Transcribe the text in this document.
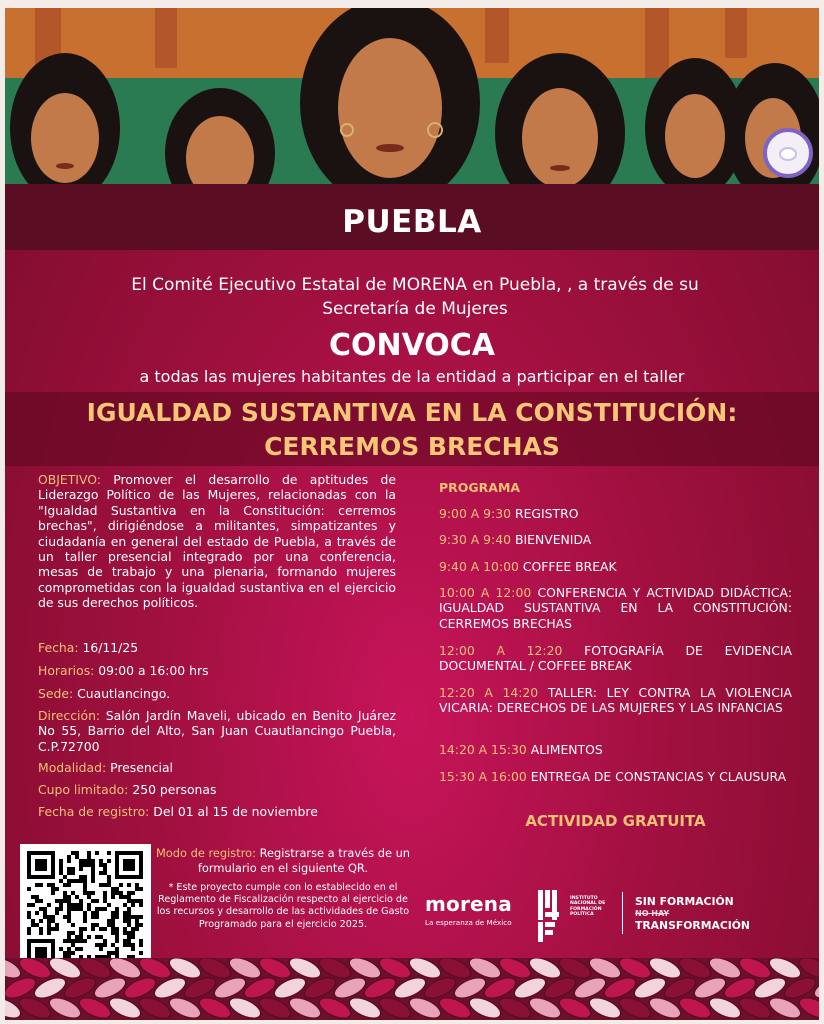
PUEBLA
El Comité Ejecutivo Estatal de MORENA en Puebla, , a través de su
Secretaría de Mujeres
CONVOCA
a todas las mujeres habitantes de la entidad a participar en el taller
IGUALDAD SUSTANTIVA EN LA CONSTITUCIÓN:
CERREMOS BRECHAS

OBJETIVO: Promover el desarrollo de aptitudes de Liderazgo Político de las Mujeres, relacionadas con la "Igualdad Sustantiva en la Constitución: cerremos brechas", dirigiéndose a militantes, simpatizantes y ciudadanía en general del estado de Puebla, a través de un taller presencial integrado por una conferencia, mesas de trabajo y una plenaria, formando mujeres comprometidas con la igualdad sustantiva en el ejercicio de sus derechos políticos.

Fecha: 16/11/25
Horarios: 09:00 a 16:00 hrs
Sede: Cuautlancingo.
Dirección: Salón Jardín Maveli, ubicado en Benito Juárez No 55, Barrio del Alto, San Juan Cuautlancingo Puebla, C.P.72700
Modalidad: Presencial
Cupo limitado: 250 personas
Fecha de registro: Del 01 al 15 de noviembre
PROGRAMA
9:00 A 9:30 REGISTRO
9:30 A 9:40 BIENVENIDA
9:40 A 10:00 COFFEE BREAK
10:00 A 12:00 CONFERENCIA Y ACTIVIDAD DIDÁCTICA: IGUALDAD SUSTANTIVA EN LA CONSTITUCIÓN: CERREMOS BRECHAS
12:00 A 12:20 FOTOGRAFÍA DE EVIDENCIA DOCUMENTAL / COFFEE BREAK
12:20 A 14:20 TALLER: LEY CONTRA LA VIOLENCIA VICARIA: DERECHOS DE LAS MUJERES Y LAS INFANCIAS
14:20 A 15:30 ALIMENTOS
15:30 A 16:00 ENTREGA DE CONSTANCIAS Y CLAUSURA
ACTIVIDAD GRATUITA
Modo de registro: Registrarse a través de un formulario en el siguiente QR.
* Este proyecto cumple con lo establecido en el Reglamento de Fiscalización respecto al ejercicio de los recursos y desarrollo de las actividades de Gasto Programado para el ejercicio 2025.
morena
La esperanza de México
INSTITUTO
NACIONAL DE
FORMACIÓN
POLÍTICA
SIN FORMACIÓN
NO HAY
TRANSFORMACIÓN
